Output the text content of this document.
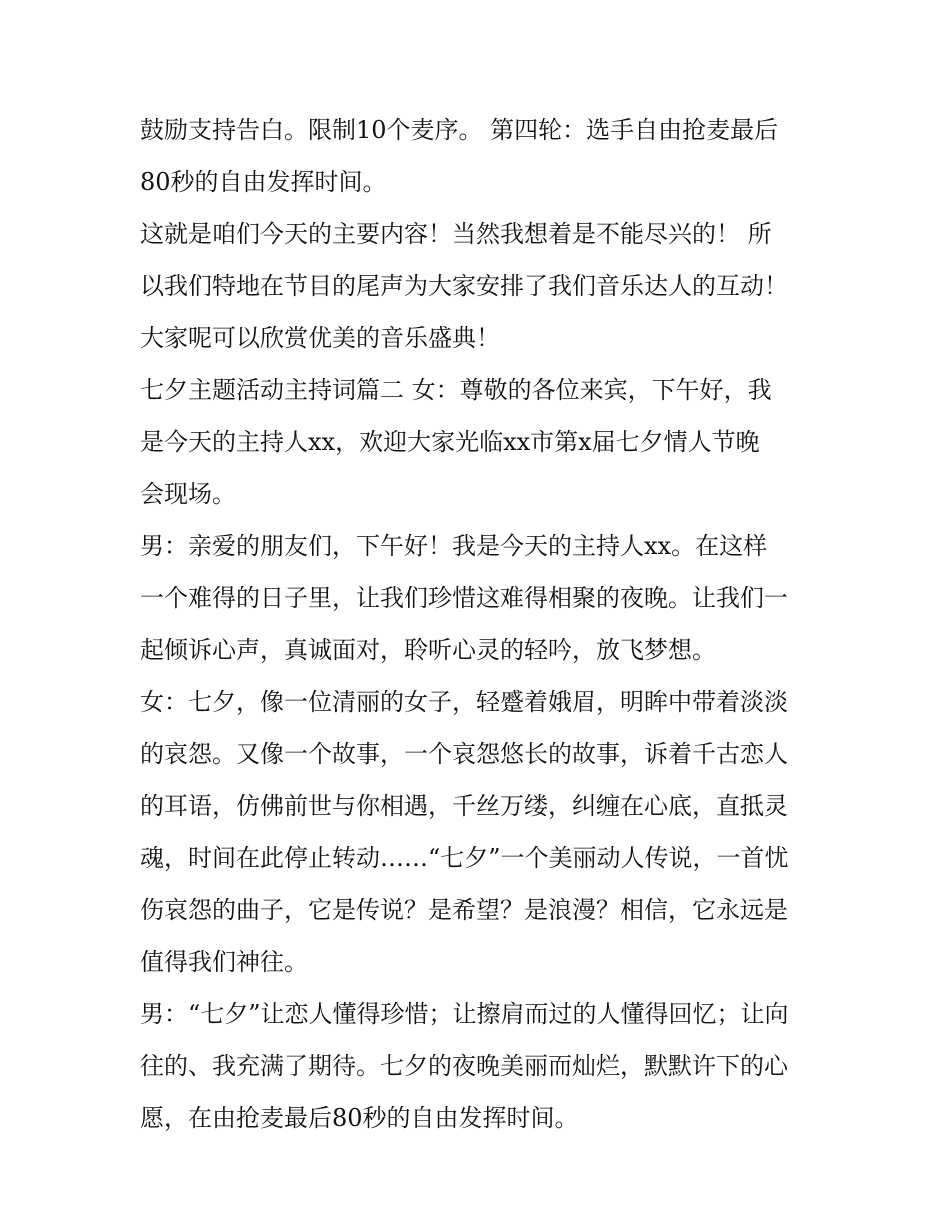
鼓励支持告白。限制10个麦序。 第四轮：选手自由抢麦最后
80秒的自由发挥时间。
这就是咱们今天的主要内容！当然我想着是不能尽兴的！ 所
以我们特地在节目的尾声为大家安排了我们音乐达人的互动！
大家呢可以欣赏优美的音乐盛典！
七夕主题活动主持词篇二 女：尊敬的各位来宾，下午好，我
是今天的主持人xx，欢迎大家光临xx市第x届七夕情人节晚
会现场。
男：亲爱的朋友们，下午好！我是今天的主持人xx。在这样
一个难得的日子里，让我们珍惜这难得相聚的夜晚。让我们一
起倾诉心声，真诚面对，聆听心灵的轻吟，放飞梦想。
女：七夕，像一位清丽的女子，轻蹙着娥眉，明眸中带着淡淡
的哀怨。又像一个故事，一个哀怨悠长的故事，诉着千古恋人
的耳语，仿佛前世与你相遇，千丝万缕，纠缠在心底，直抵灵
魂，时间在此停止转动……“七夕”一个美丽动人传说，一首忧
伤哀怨的曲子，它是传说？是希望？是浪漫？相信，它永远是
值得我们神往。
男：“七夕”让恋人懂得珍惜；让擦肩而过的人懂得回忆；让向
往的、我充满了期待。七夕的夜晚美丽而灿烂，默默许下的心
愿，在由抢麦最后80秒的自由发挥时间。
